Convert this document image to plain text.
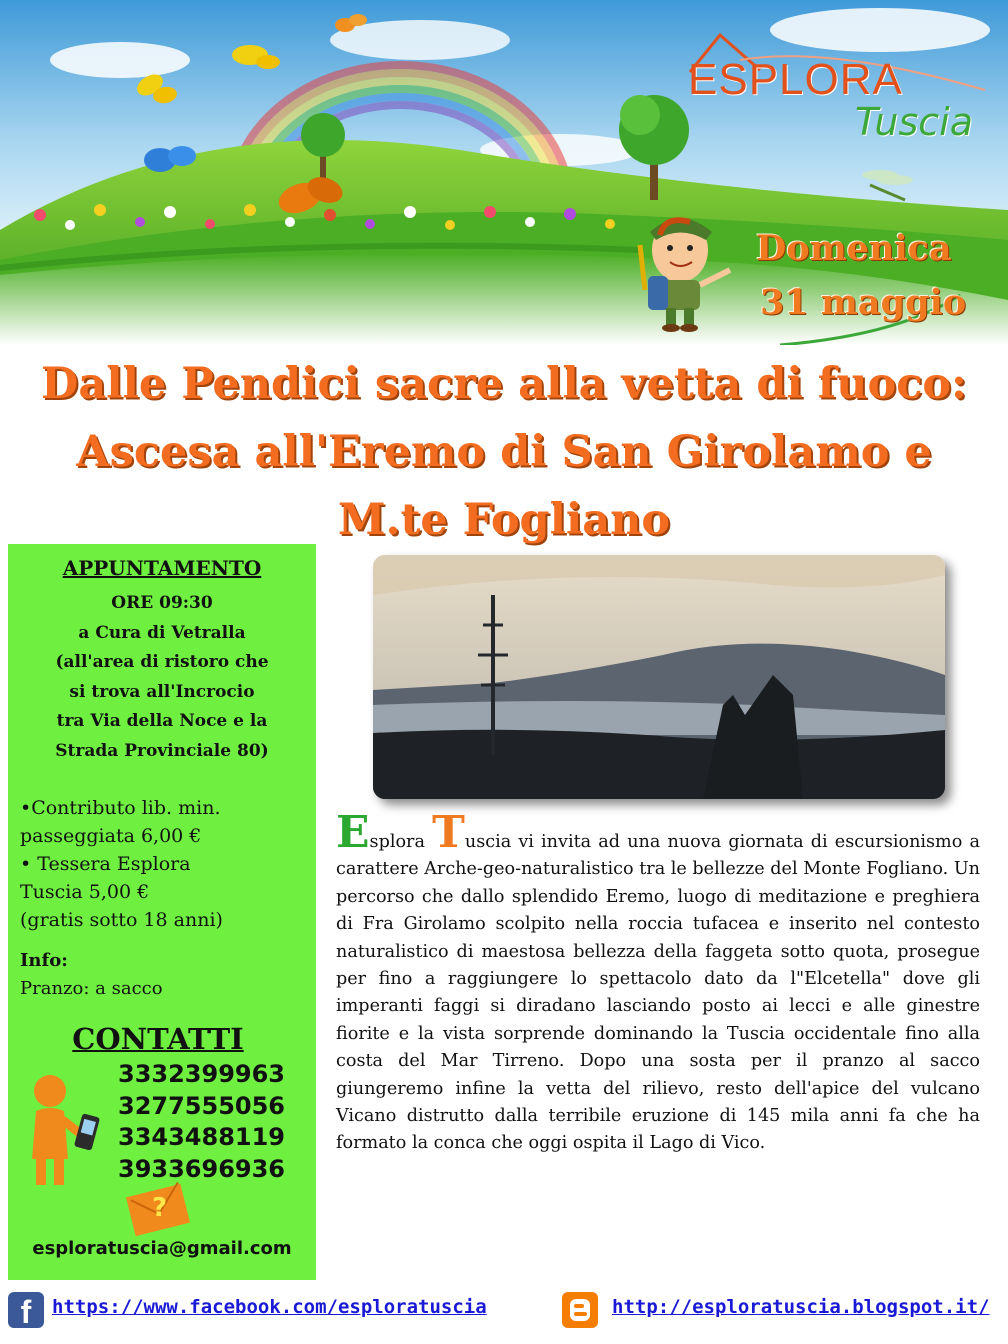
ESPLORA
Tuscia
Domenica
31 maggio
Dalle Pendici sacre alla vetta di fuoco: Ascesa all'Eremo di San Girolamo e M.te Fogliano
APPUNTAMENTO
ORE 09:30
a Cura di Vetralla
(all'area di ristoro che
si trova all'Incrocio
tra Via della Noce e la
Strada Provinciale 80)
•Contributo lib. min.
passeggiata 6,00 €
• Tessera Esplora
Tuscia 5,00 €
(gratis sotto 18 anni)
Info:
Pranzo: a sacco
CONTATTI
3332399963
3277555056
3343488119
3933696936
?
esploratuscia@gmail.com
Esplora Tuscia vi invita ad una nuova giornata di escursionismo a carattere Arche-geo-naturalistico tra le bellezze del Monte Fogliano. Un percorso che dallo splendido Eremo, luogo di meditazione e preghiera di Fra Girolamo scolpito nella roccia tufacea e inserito nel contesto naturalistico di maestosa bellezza della faggeta sotto quota, prosegue per fino a raggiungere lo spettacolo dato da l"Elcetella" dove gli imperanti faggi si diradano lasciando posto ai lecci e alle ginestre fiorite e la vista sorprende dominando la Tuscia occidentale fino alla costa del Mar Tirreno. Dopo una sosta per il pranzo al sacco giungeremo infine la vetta del rilievo, resto dell'apice del vulcano Vicano distrutto dalla terribile eruzione di 145 mila anni fa che ha formato la conca che oggi ospita il Lago di Vico.
f	https://www.facebook.com/esploratuscia	http://esploratuscia.blogspot.it/
